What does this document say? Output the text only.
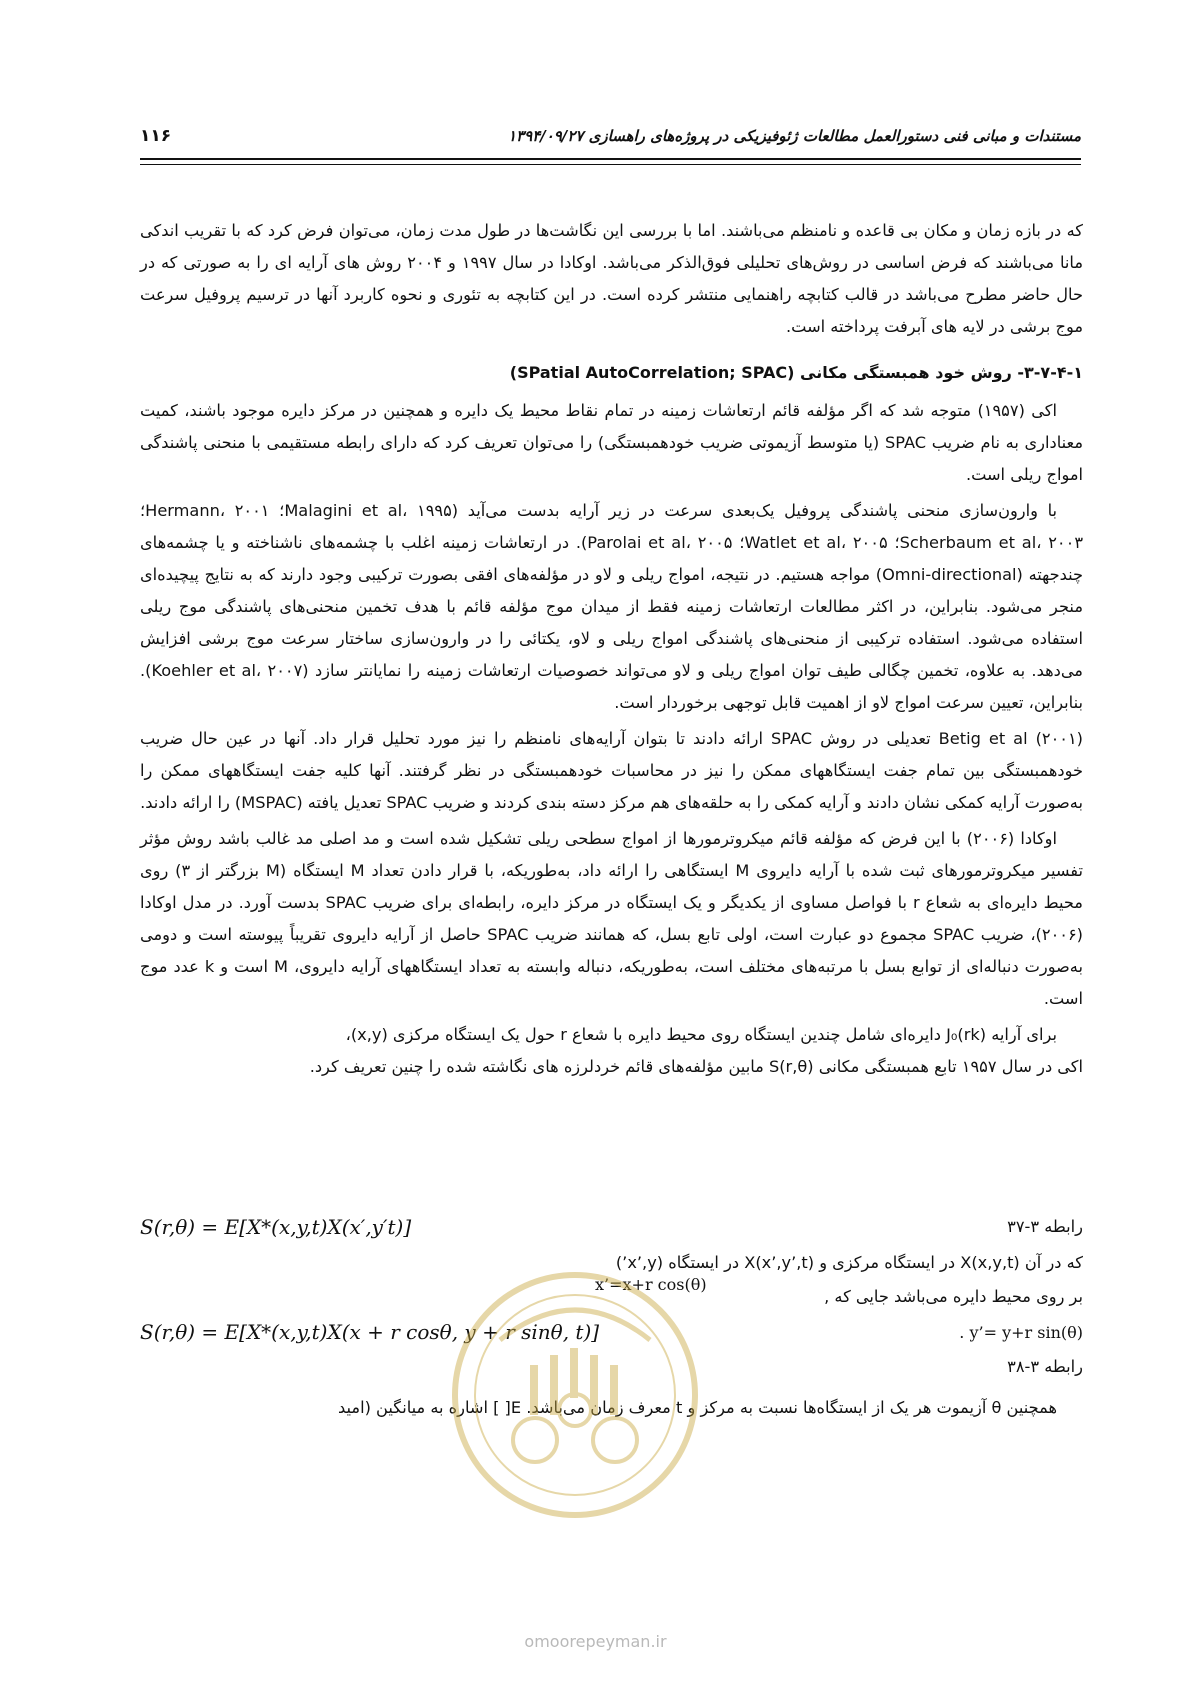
۱۱۶	مستندات و مبانی فنی دستورالعمل مطالعات ژئوفیزیکی در پروژه‌های راهسازی ۱۳۹۴/۰۹/۲۷

که در بازه زمان و مکان بی قاعده و نامنظم می‌باشند. اما با بررسی این نگاشت‌ها در طول مدت زمان، می‌توان فرض کرد که با تقریب اندکی مانا می‌باشند که فرض اساسی در روش‌های تحلیلی فوق‌الذکر می‌باشد. اوکادا در سال ۱۹۹۷ و ۲۰۰۴ روش های آرایه ای را به صورتی که در حال حاضر مطرح می‌باشد در قالب کتابچه راهنمایی منتشر کرده است. در این کتابچه به تئوری و نحوه کاربرد آنها در ترسیم پروفیل سرعت موج برشی در لایه های آبرفت پرداخته است.

۳-۷-۴-۱- روش خود همبستگی مکانی (SPatial AutoCorrelation; SPAC)

اکی (۱۹۵۷) متوجه شد که اگر مؤلفه قائم ارتعاشات زمینه در تمام نقاط محیط یک دایره و همچنین در مرکز دایره موجود باشند، کمیت معناداری به نام ضریب SPAC (یا متوسط آزیموتی ضریب خودهمبستگی) را می‌توان تعریف کرد که دارای رابطه مستقیمی با منحنی پاشندگی امواج ریلی است.

با وارون‌سازی منحنی پاشندگی پروفیل یک‌بعدی سرعت در زیر آرایه بدست می‌آید (Malagini et al، ۱۹۹۵؛ Hermann، ۲۰۰۱؛ Scherbaum et al، ۲۰۰۳؛ Watlet et al، ۲۰۰۵؛ Parolai et al، ۲۰۰۵). در ارتعاشات زمینه اغلب با چشمه‌های ناشناخته و یا چشمه‌های چندجهته (Omni-directional) مواجه هستیم. در نتیجه، امواج ریلی و لاو در مؤلفه‌های افقی بصورت ترکیبی وجود دارند که به نتایج پیچیده‌ای منجر می‌شود. بنابراین، در اکثر مطالعات ارتعاشات زمینه فقط از میدان موج مؤلفه قائم با هدف تخمین منحنی‌های پاشندگی موج ریلی استفاده می‌شود. استفاده ترکیبی از منحنی‌های پاشندگی امواج ریلی و لاو، یکتائی را در وارون‌سازی ساختار سرعت موج برشی افزایش می‌دهد. به علاوه، تخمین چگالی طیف توان امواج ریلی و لاو می‌تواند خصوصیات ارتعاشات زمینه را نمایانتر سازد (Koehler et al، ۲۰۰۷). بنابراین، تعیین سرعت امواج لاو از اهمیت قابل توجهی برخوردار است.

Betig et al (۲۰۰۱) تعدیلی در روش SPAC ارائه دادند تا بتوان آرایه‌های نامنظم را نیز مورد تحلیل قرار داد. آنها در عین حال ضریب خودهمبستگی بین تمام جفت ایستگاههای ممکن را نیز در محاسبات خودهمبستگی در نظر گرفتند. آنها کلیه جفت ایستگاههای ممکن را به‌صورت آرایه کمکی نشان دادند و آرایه کمکی را به حلقه‌های هم مرکز دسته بندی کردند و ضریب SPAC تعدیل یافته (MSPAC) را ارائه دادند.

اوکادا (۲۰۰۶) با این فرض که مؤلفه قائم میکروترمورها از امواج سطحی ریلی تشکیل شده است و مد اصلی مد غالب باشد روش مؤثر تفسیر میکروترمورهای ثبت شده با آرایه دایروی M ایستگاهی را ارائه داد، به‌طوریکه، با قرار دادن تعداد M ایستگاه (M بزرگتر از ۳) روی محیط دایره‌ای به شعاع r با فواصل مساوی از یکدیگر و یک ایستگاه در مرکز دایره، رابطه‌ای برای ضریب SPAC بدست آورد. در مدل اوکادا (۲۰۰۶)، ضریب SPAC مجموع دو عبارت است، اولی تابع بسل، که همانند ضریب SPAC حاصل از آرایه دایروی تقریباً پیوسته است و دومی به‌صورت دنباله‌ای از توابع بسل با مرتبه‌های مختلف است، به‌طوریکه، دنباله وابسته به تعداد ایستگاههای آرایه دایروی، M است و k عدد موج است.

برای آرایه J₀(rk) دایره‌ای شامل چندین ایستگاه روی محیط دایره با شعاع r حول یک ایستگاه مرکزی (x,y)،

اکی در سال ۱۹۵۷ تابع همبستگی مکانی S(r,θ) مابین مؤلفه‌های قائم خردلرزه های نگاشته شده را چنین تعریف کرد.

S(r,θ) = E[X*(x,y,t)X(x′,y′t)]	رابطه ۳-۳۷
که در آن X(x,y,t) در ایستگاه مرکزی و X(x’,y’,t) در ایستگاه (x’,y’)
بر روی محیط دایره می‌باشد جایی که ,
x’=x+r cos(θ)
S(r,θ) = E[X*(x,y,t)X(x + r cosθ, y + r sinθ, t)]	. y’= y+r sin(θ)
رابطه ۳-۳۸
همچنین θ آزیموت هر یک از ایستگاه‌ها نسبت به مرکز و t معرف زمان می‌باشد. E[ ] اشاره به میانگین (امید
omoorepeyman.ir
